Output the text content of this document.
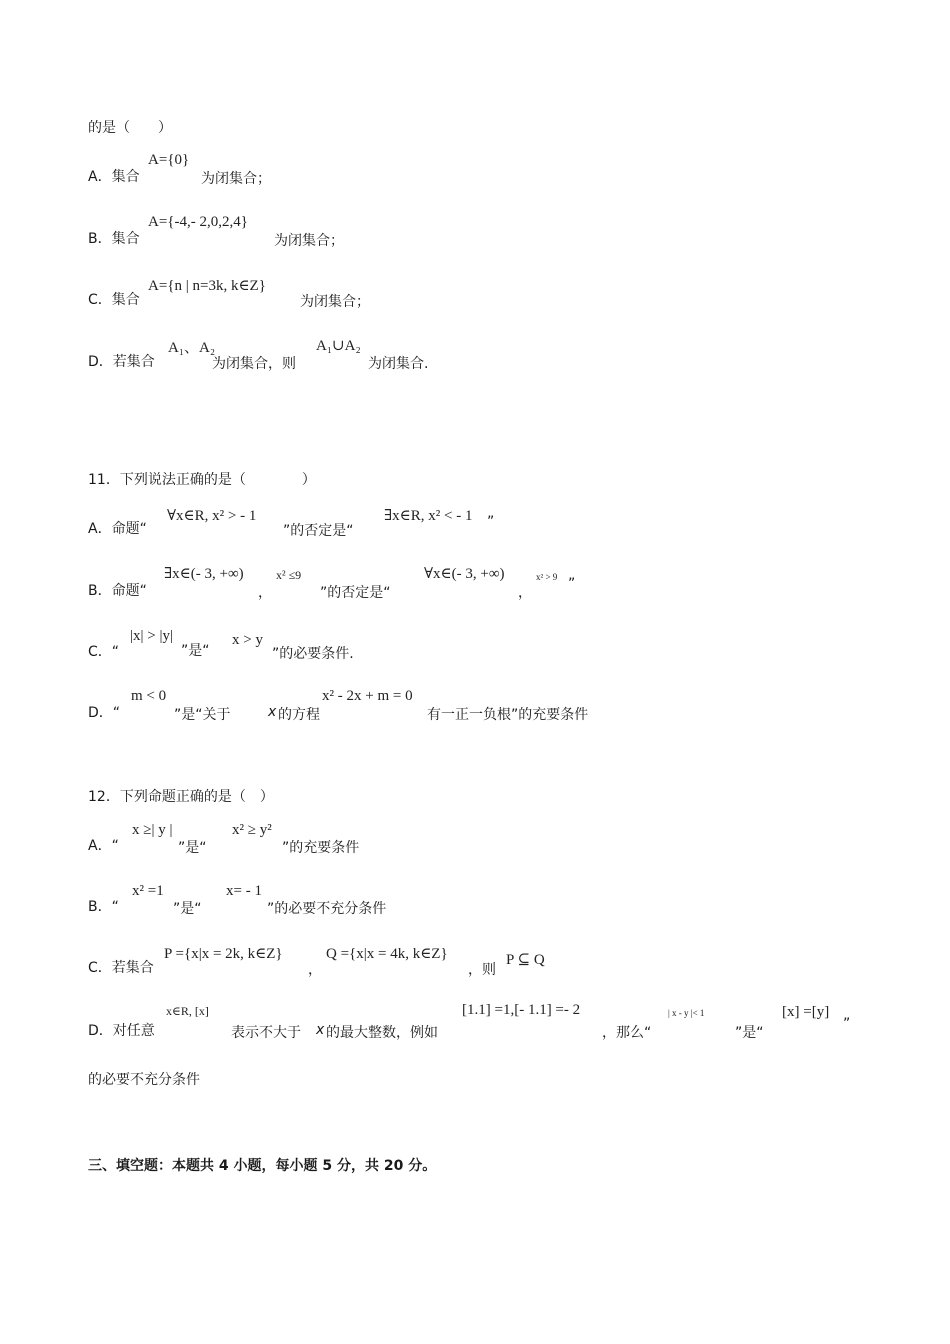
的是（　　）
A．集合
A={0}
为闭集合；
B．集合
A={-4,- 2,0,2,4}
为闭集合；
C．集合
A={n | n=3k, k∈Z}
为闭集合；
D．若集合
A₁、A₂
为闭集合，则
A₁∪A₂
为闭集合.
11．下列说法正确的是（　　　　）
A．命题“
∀x∈R, x² > - 1
”的否定是“
∃x∈R, x² < - 1 ”
B．命题“
∃x∈(- 3, +∞)
，
x² ≤9
”的否定是“
∀x∈(- 3, +∞)
，
x² > 9 ”
C．“
|x| > |y|
”是“
x > y
”的必要条件.
D．“
m < 0
”是“关于	x 的方程
x² - 2x + m = 0
有一正一负根”的充要条件
12．下列命题正确的是（　）
A．“
x ≥| y |
”是“
x² ≥ y²
”的充要条件
B．“
x² =1
”是“
x= - 1
”的必要不充分条件
C．若集合
P ={x|x = 2k, k∈Z}
，
Q ={x|x = 4k, k∈Z}
，则
P ⊆ Q
D．对任意
x∈R, [x]
表示不大于 x 的最大整数，例如
[1.1] =1,[- 1.1] =- 2
，那么“
| x - y |< 1
”是“
[x] =[y]
”
的必要不充分条件
三、填空题：本题共 4 小题，每小题 5 分，共 20 分。
